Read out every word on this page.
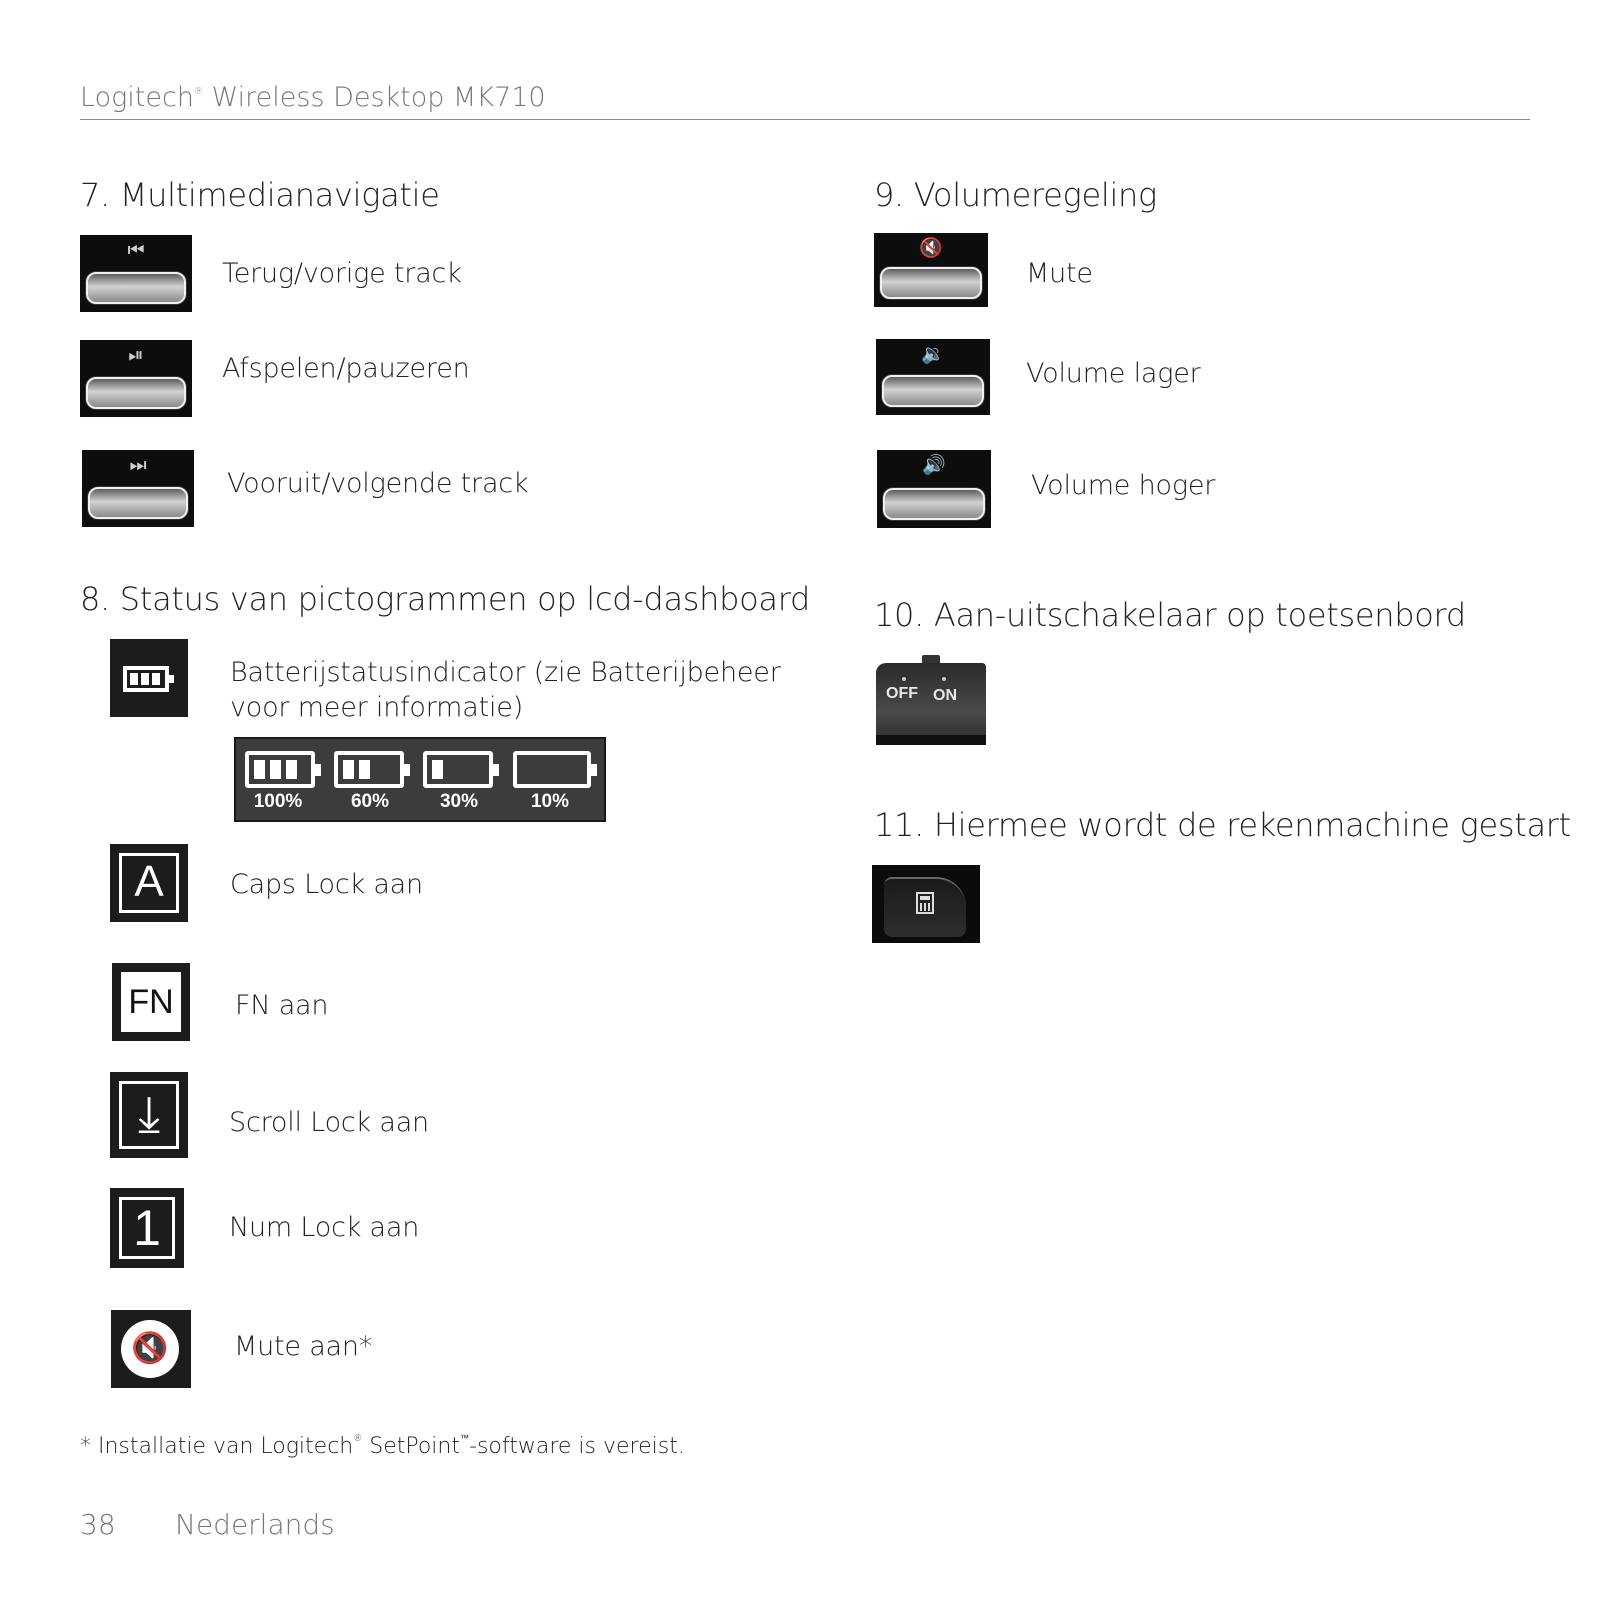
Logitech® Wireless Desktop MK710
7. Multimedianavigatie
⏮
Terug/vorige track
⏯	Afspelen/pauzeren
⏭
Vooruit/volgende track
8. Status van pictogrammen op lcd-dashboard
Batterijstatusindicator (zie Batterijbeheer
voor meer informatie)
100%	60%	30%	10%
A	Caps Lock aan
FN FN aan
⤓	Scroll Lock aan
1	Num Lock aan
🔇	Mute aan*
* Installatie van Logitech® SetPoint™-software is vereist.
9. Volumeregeling
🔇
Mute
🔉
Volume lager
🔊
Volume hoger
10. Aan-uitschakelaar op toetsenbord
OFF ON
11. Hiermee wordt de rekenmachine gestart
38 Nederlands
